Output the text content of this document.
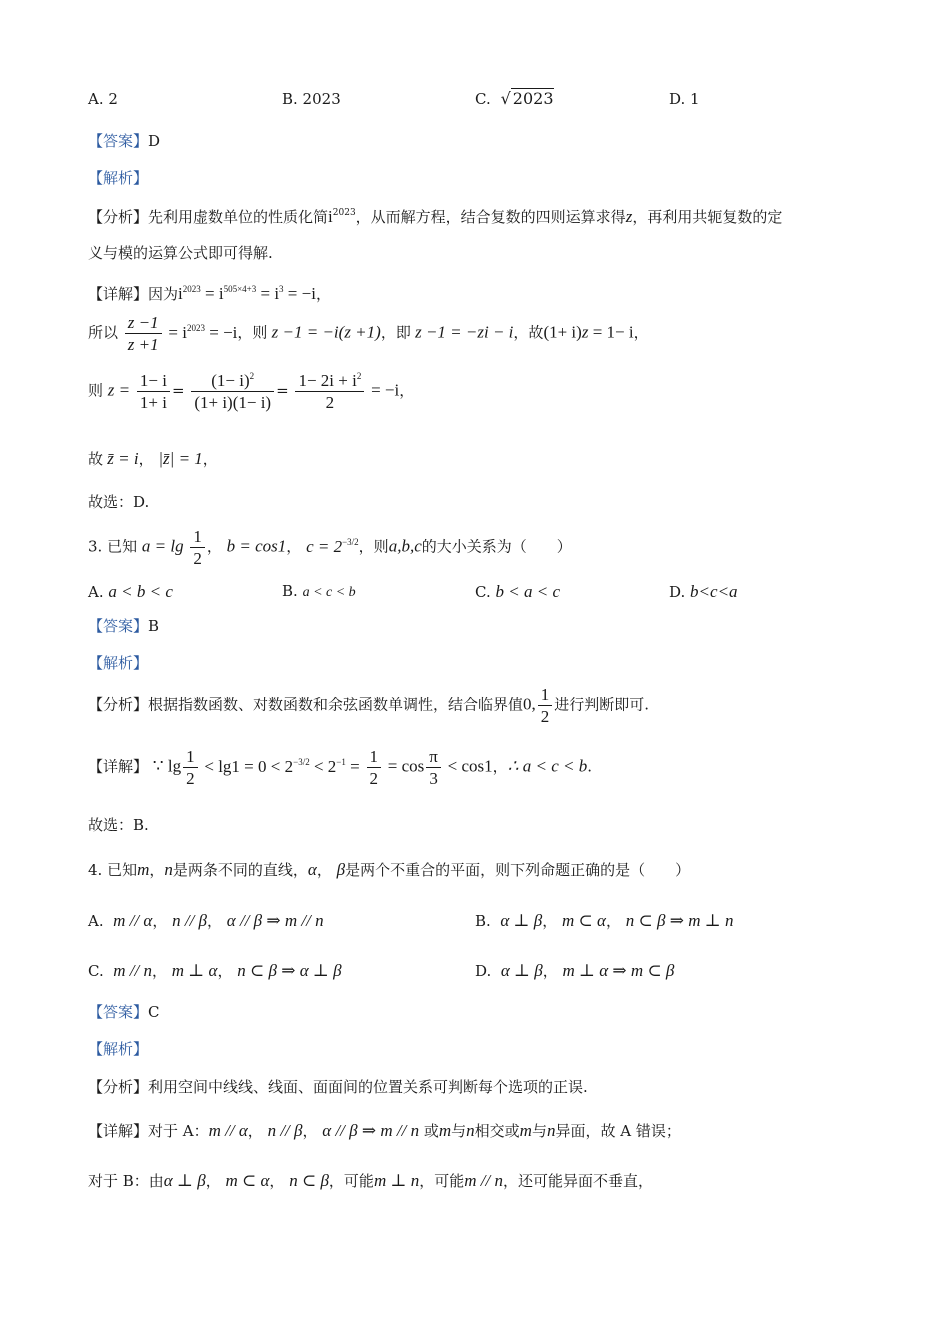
A. 2	B. 2023	C.  √ 2023	D. 1
【答案】D
【解析】
【分析】先利用虚数单位的性质化简$i^{2023}$，从而解方程，结合复数的四则运算求得z，再利用共轭复数的定
义与模的运算公式即可得解.
【详解】因为$i^{2023} = i^{505\times 4+3} = i^3 = -i$，
所以 $\frac{z -1}{z +1} = i^{2023} = -i$，则 z −1 = −i(z +1)，即 z −1 = −zi − i，故(1+ i)z = 1− i，
则 $z = \frac{1- i}{1+ i} = \frac{(1- i)^2}{(1+ i)(1- i)} = \frac{1- 2i + i^2}{2} = -i$，
故 z̄ = i， |z̄| = 1，
故选：D.
3. 已知 $a = \lg \frac{1}{2}$ ， b = cos1， $c = 2^{-3/2}$，则a,b,c的大小关系为（　　）
A. a < b < c	B. a < c < b	C. b < a < c	D. b<c<a
【答案】B
【解析】
【分析】根据指数函数、对数函数和余弦函数单调性，结合临界值0, $\frac{1}{2}$ 进行判断即可.
【详解】 ∵ $\lg \frac{1}{2} < \lg 1 = 0 < 2^{-3/2} < 2^{-1} = \frac{1}{2} = \cos \frac{\pi}{3} < \cos 1$，∴ a < c < b.
故选：B.
4. 已知m，n是两条不同的直线，α， β是两个不重合的平面，则下列命题正确的是（　　）
A. m // α， n // β， α // β ⇒ m // n	B. α ⊥ β， m ⊂ α， n ⊂ β ⇒ m ⊥ n
C. m // n， m ⊥ α， n ⊂ β ⇒ α ⊥ β	D. α ⊥ β， m ⊥ α ⇒ m ⊂ β
【答案】C
【解析】
【分析】利用空间中线线、线面、面面间的位置关系可判断每个选项的正误.
【详解】对于 A：m // α， n // β， α // β ⇒ m // n 或m与n相交或m与n异面，故 A 错误；
对于 B：由α ⊥ β， m ⊂ α， n ⊂ β，可能m ⊥ n，可能m // n，还可能异面不垂直，
